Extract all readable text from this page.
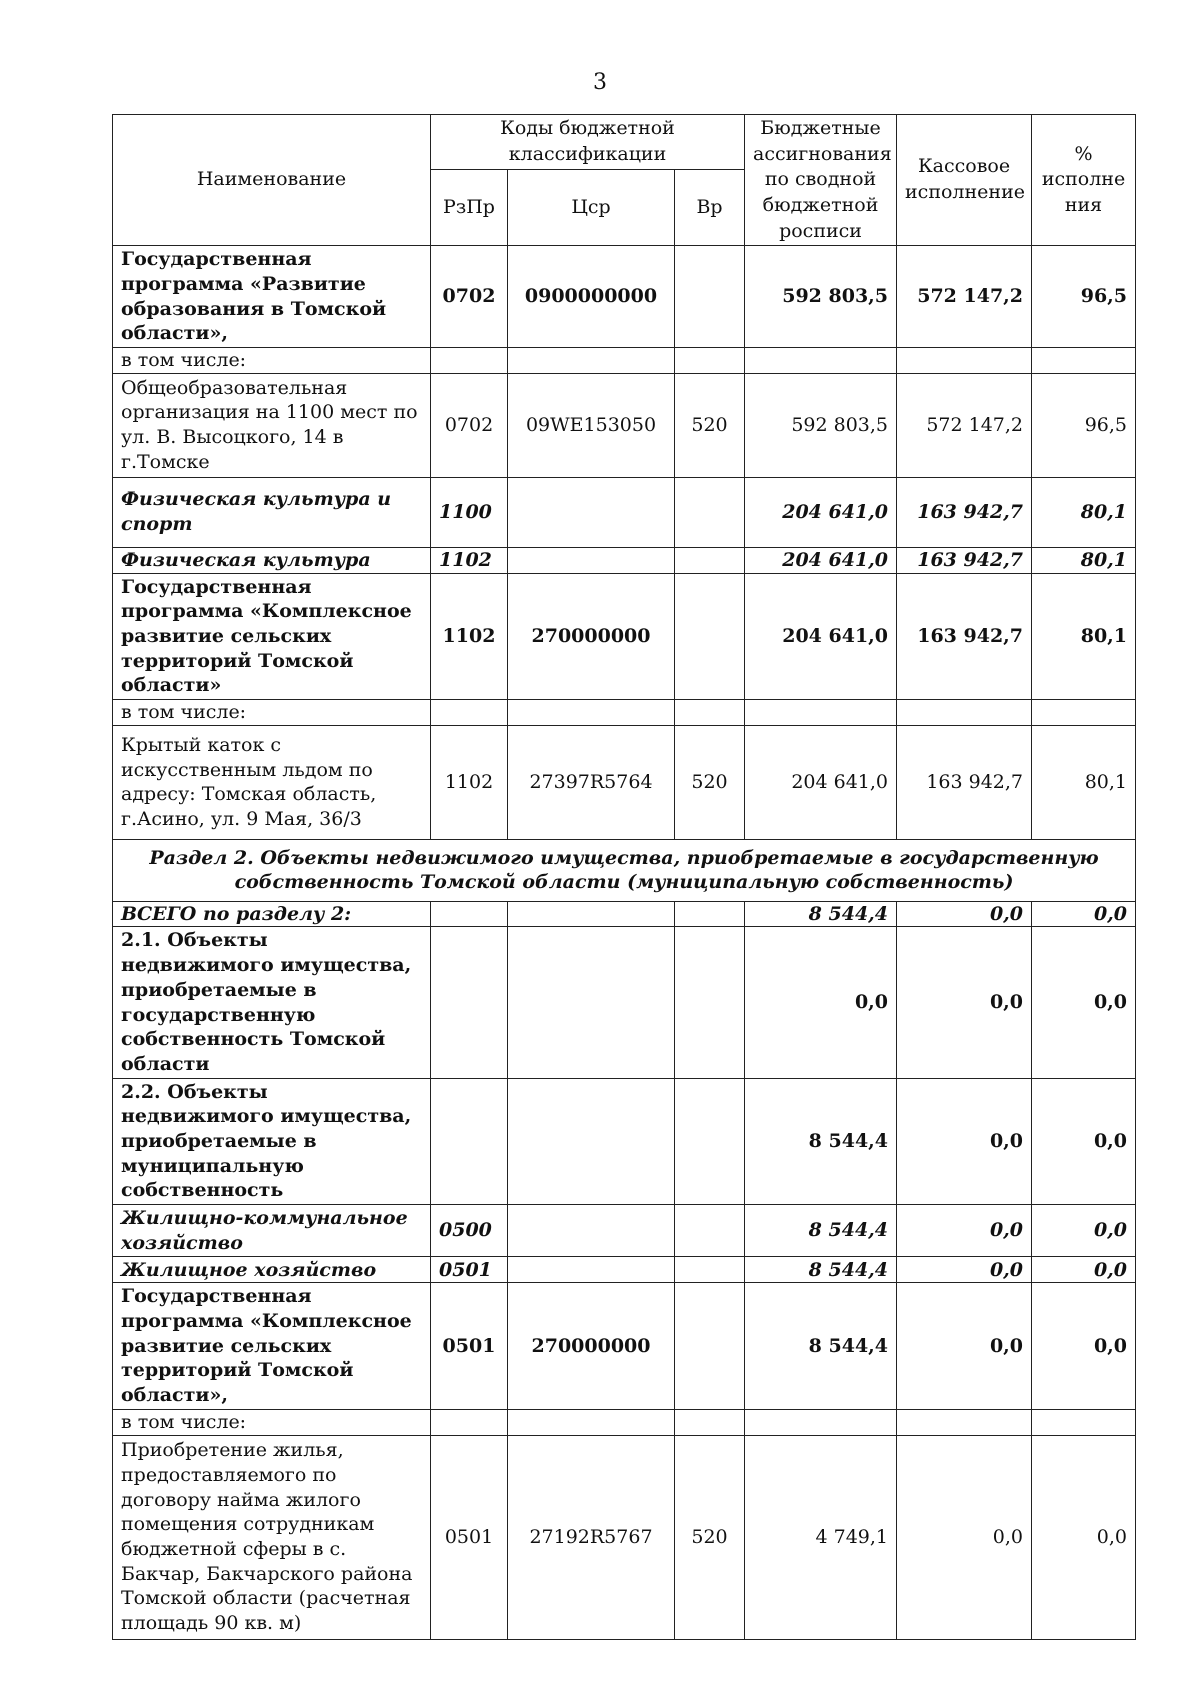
3
Наименование	Коды бюджетной классификации			Бюджетные ассигнования по сводной бюджетной росписи	Кассовое исполнение	% исполне ния
	РзПр	Цср	Вр			
Государственная программа «Развитие образования в Томской области»,	0702	0900000000		592 803,5	572 147,2	96,5
в том числе:						
Общеобразовательная организация на 1100 мест по ул. В. Высоцкого, 14 в г.Томске	0702	09WE153050	520	592 803,5	572 147,2	96,5
Физическая культура и спорт	1100			204 641,0	163 942,7	80,1
Физическая культура	1102			204 641,0	163 942,7	80,1
Государственная программа «Комплексное развитие сельских территорий Томской области»	1102	270000000		204 641,0	163 942,7	80,1
в том числе:						
Крытый каток с искусственным льдом по адресу: Томская область, г.Асино, ул. 9 Мая, 36/3	1102	27397R5764	520	204 641,0	163 942,7	80,1
Раздел 2. Объекты недвижимого имущества, приобретаемые в государственную собственность Томской области (муниципальную собственность)						
ВСЕГО по разделу 2:				8 544,4	0,0	0,0
2.1. Объекты недвижимого имущества, приобретаемые в государственную собственность Томской области				0,0	0,0	0,0
2.2. Объекты недвижимого имущества, приобретаемые в муниципальную собственность				8 544,4	0,0	0,0
Жилищно-коммунальное хозяйство	0500			8 544,4	0,0	0,0
Жилищное хозяйство	0501			8 544,4	0,0	0,0
Государственная программа «Комплексное развитие сельских территорий Томской области»,	0501	270000000		8 544,4	0,0	0,0
в том числе:						
Приобретение жилья, предоставляемого по договору найма жилого помещения сотрудникам бюджетной сферы в с. Бакчар, Бакчарского района Томской области (расчетная площадь 90 кв. м)	0501	27192R5767	520	4 749,1	0,0	0,0
